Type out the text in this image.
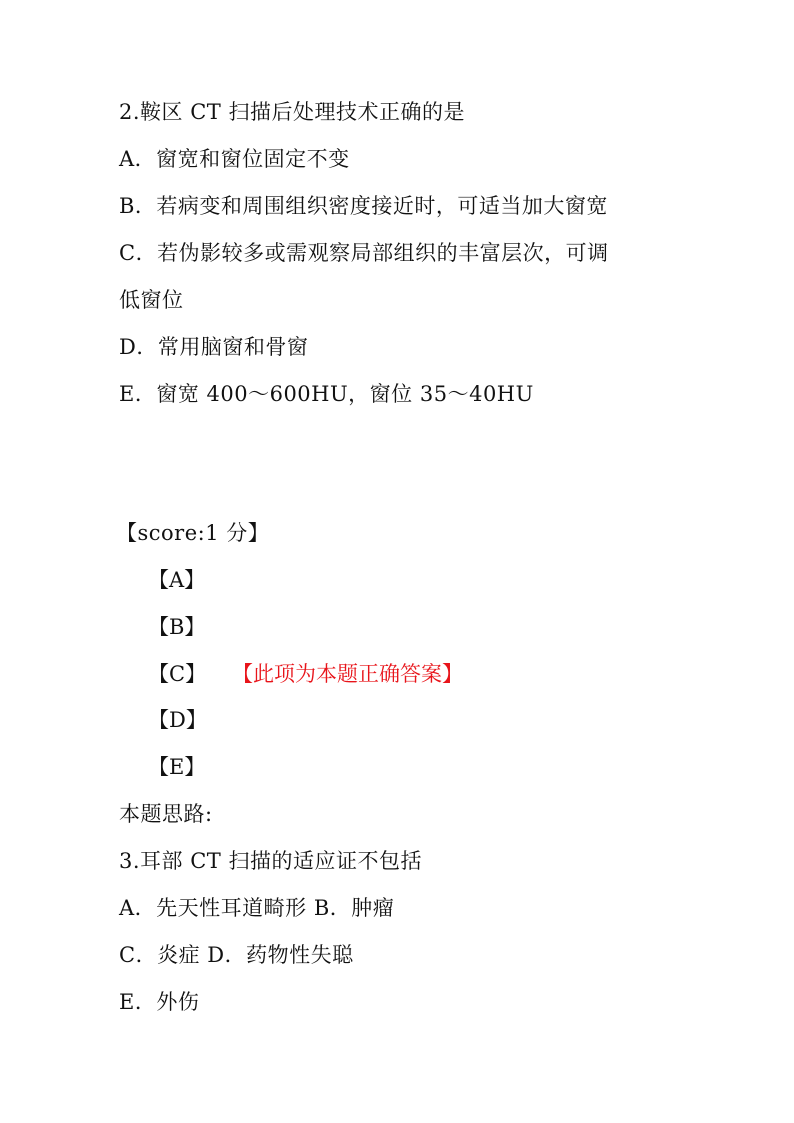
2.鞍区 CT 扫描后处理技术正确的是
A．窗宽和窗位固定不变
B．若病变和周围组织密度接近时，可适当加大窗宽
C．若伪影较多或需观察局部组织的丰富层次，可调
低窗位
D．常用脑窗和骨窗
E．窗宽 400～600HU，窗位 35～40HU
【score:1 分】
【A】
【B】
【C】 【此项为本题正确答案】
【D】
【E】
本题思路:
3.耳部 CT 扫描的适应证不包括
A．先天性耳道畸形 B．肿瘤
C．炎症 D．药物性失聪
E．外伤
